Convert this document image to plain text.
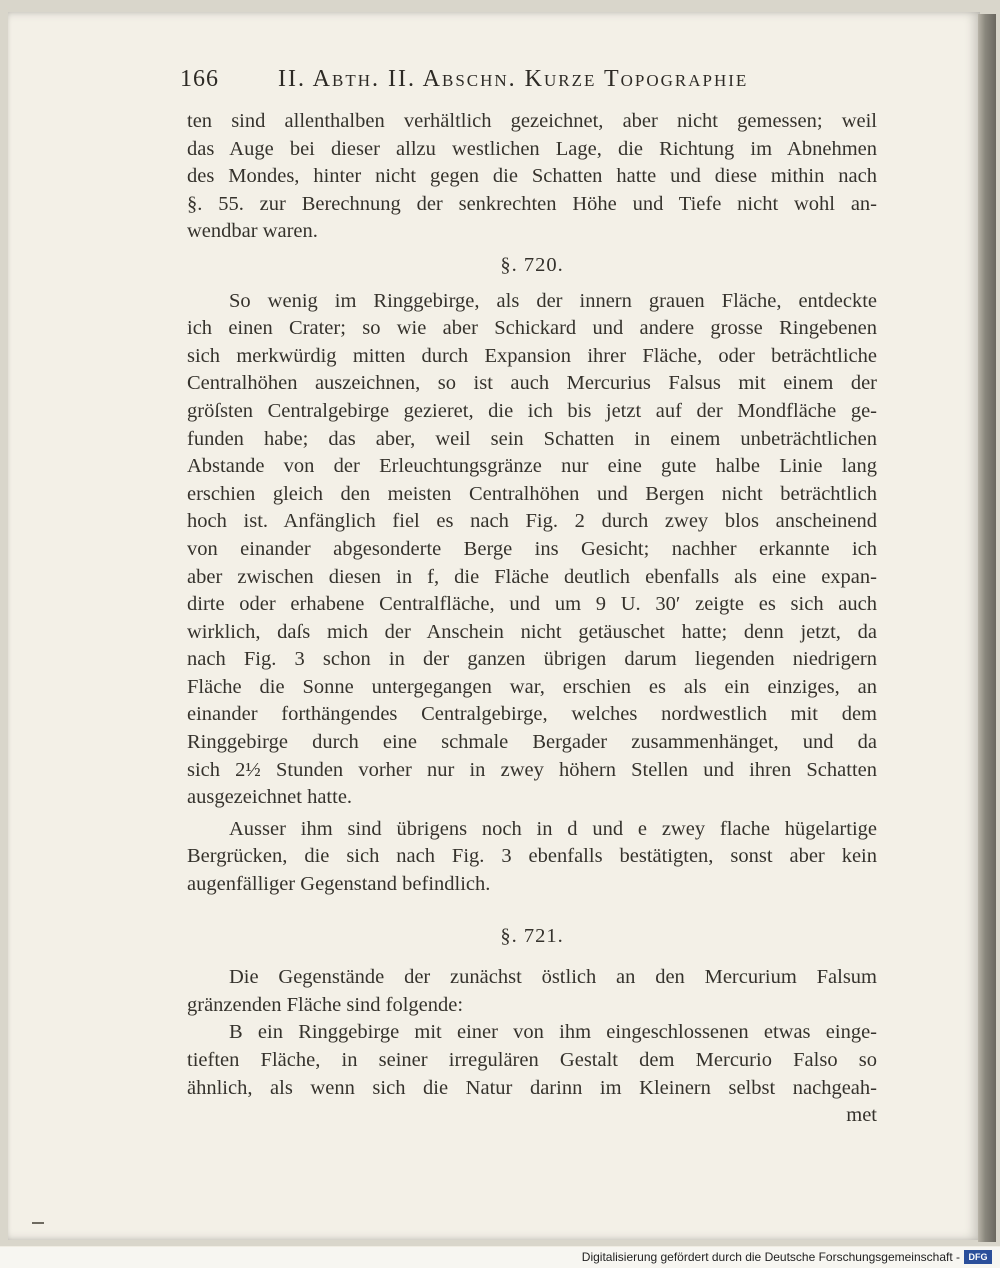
166 II. Abth. II. Abschn. Kurze Topographie
ten sind allenthalben verhältlich gezeichnet, aber nicht gemessen; weil
das Auge bei dieser allzu westlichen Lage, die Richtung im Abnehmen
des Mondes, hinter nicht gegen die Schatten hatte und diese mithin nach
§. 55. zur Berechnung der senkrechten Höhe und Tiefe nicht wohl an-
wendbar waren.
§. 720.
So wenig im Ringgebirge, als der innern grauen Fläche, entdeckte
ich einen Crater; so wie aber Schickard und andere grosse Ringebenen
sich merkwürdig mitten durch Expansion ihrer Fläche, oder beträchtliche
Centralhöhen auszeichnen, so ist auch Mercurius Falsus mit einem der
gröſsten Centralgebirge gezieret, die ich bis jetzt auf der Mondfläche ge-
funden habe; das aber, weil sein Schatten in einem unbeträchtlichen
Abstande von der Erleuchtungsgränze nur eine gute halbe Linie lang
erschien gleich den meisten Centralhöhen und Bergen nicht beträchtlich
hoch ist. Anfänglich fiel es nach Fig. 2 durch zwey blos anscheinend
von einander abgesonderte Berge ins Gesicht; nachher erkannte ich
aber zwischen diesen in f, die Fläche deutlich ebenfalls als eine expan-
dirte oder erhabene Centralfläche, und um 9 U. 30′ zeigte es sich auch
wirklich, daſs mich der Anschein nicht getäuschet hatte; denn jetzt, da
nach Fig. 3 schon in der ganzen übrigen darum liegenden niedrigern
Fläche die Sonne untergegangen war, erschien es als ein einziges, an
einander forthängendes Centralgebirge, welches nordwestlich mit dem
Ringgebirge durch eine schmale Bergader zusammenhänget, und da
sich 2½ Stunden vorher nur in zwey höhern Stellen und ihren Schatten
ausgezeichnet hatte.
Ausser ihm sind übrigens noch in d und e zwey flache hügelartige
Bergrücken, die sich nach Fig. 3 ebenfalls bestätigten, sonst aber kein
augenfälliger Gegenstand befindlich.
§. 721.
Die Gegenstände der zunächst östlich an den Mercurium Falsum
gränzenden Fläche sind folgende:
B ein Ringgebirge mit einer von ihm eingeschlossenen etwas einge-
tieften Fläche, in seiner irregulären Gestalt dem Mercurio Falso so
ähnlich, als wenn sich die Natur darinn im Kleinern selbst nachgeah-
met
Digitalisierung gefördert durch die Deutsche Forschungsgemeinschaft - DFG
